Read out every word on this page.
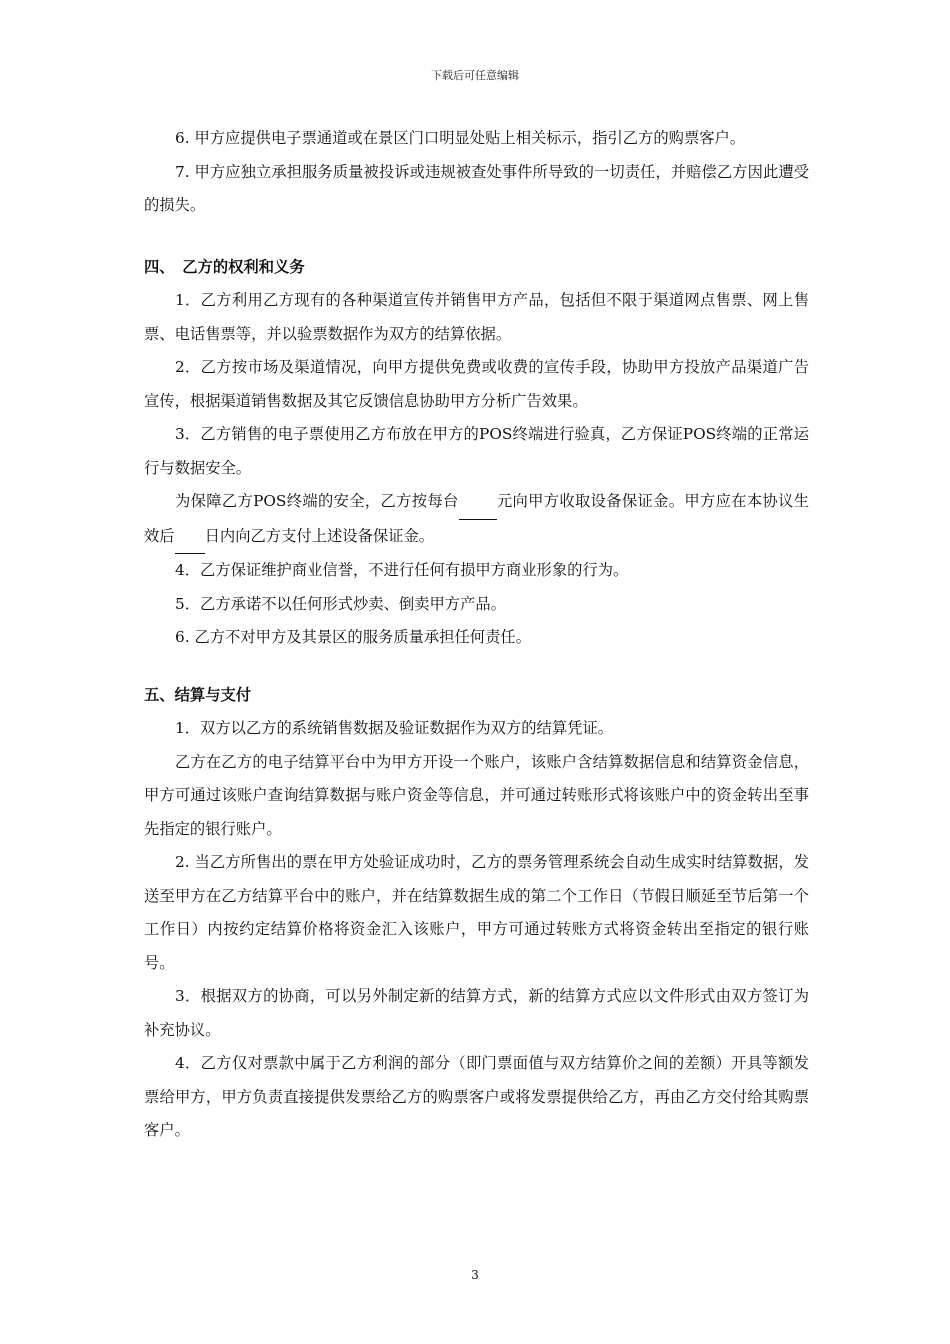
下载后可任意编辑

6. 甲方应提供电子票通道或在景区门口明显处贴上相关标示，指引乙方的购票客户。

7. 甲方应独立承担服务质量被投诉或违规被查处事件所导致的一切责任，并赔偿乙方因此遭受的损失。

四、　乙方的权利和义务

1．乙方利用乙方现有的各种渠道宣传并销售甲方产品，包括但不限于渠道网点售票、网上售票、电话售票等，并以验票数据作为双方的结算依据。

2．乙方按市场及渠道情况，向甲方提供免费或收费的宣传手段，协助甲方投放产品渠道广告宣传，根据渠道销售数据及其它反馈信息协助甲方分析广告效果。

3．乙方销售的电子票使用乙方布放在甲方的POS终端进行验真，乙方保证POS终端的正常运行与数据安全。

为保障乙方POS终端的安全，乙方按每台 元向甲方收取设备保证金。甲方应在本协议生效后 日内向乙方支付上述设备保证金。

4．乙方保证维护商业信誉，不进行任何有损甲方商业形象的行为。

5．乙方承诺不以任何形式炒卖、倒卖甲方产品。

6. 乙方不对甲方及其景区的服务质量承担任何责任。

五、结算与支付

1．双方以乙方的系统销售数据及验证数据作为双方的结算凭证。

乙方在乙方的电子结算平台中为甲方开设一个账户，该账户含结算数据信息和结算资金信息，甲方可通过该账户查询结算数据与账户资金等信息，并可通过转账形式将该账户中的资金转出至事先指定的银行账户。

2. 当乙方所售出的票在甲方处验证成功时，乙方的票务管理系统会自动生成实时结算数据，发送至甲方在乙方结算平台中的账户，并在结算数据生成的第二个工作日（节假日顺延至节后第一个工作日）内按约定结算价格将资金汇入该账户，甲方可通过转账方式将资金转出至指定的银行账号。

3．根据双方的协商，可以另外制定新的结算方式，新的结算方式应以文件形式由双方签订为补充协议。

4．乙方仅对票款中属于乙方利润的部分（即门票面值与双方结算价之间的差额）开具等额发票给甲方，甲方负责直接提供发票给乙方的购票客户或将发票提供给乙方，再由乙方交付给其购票客户。

3
